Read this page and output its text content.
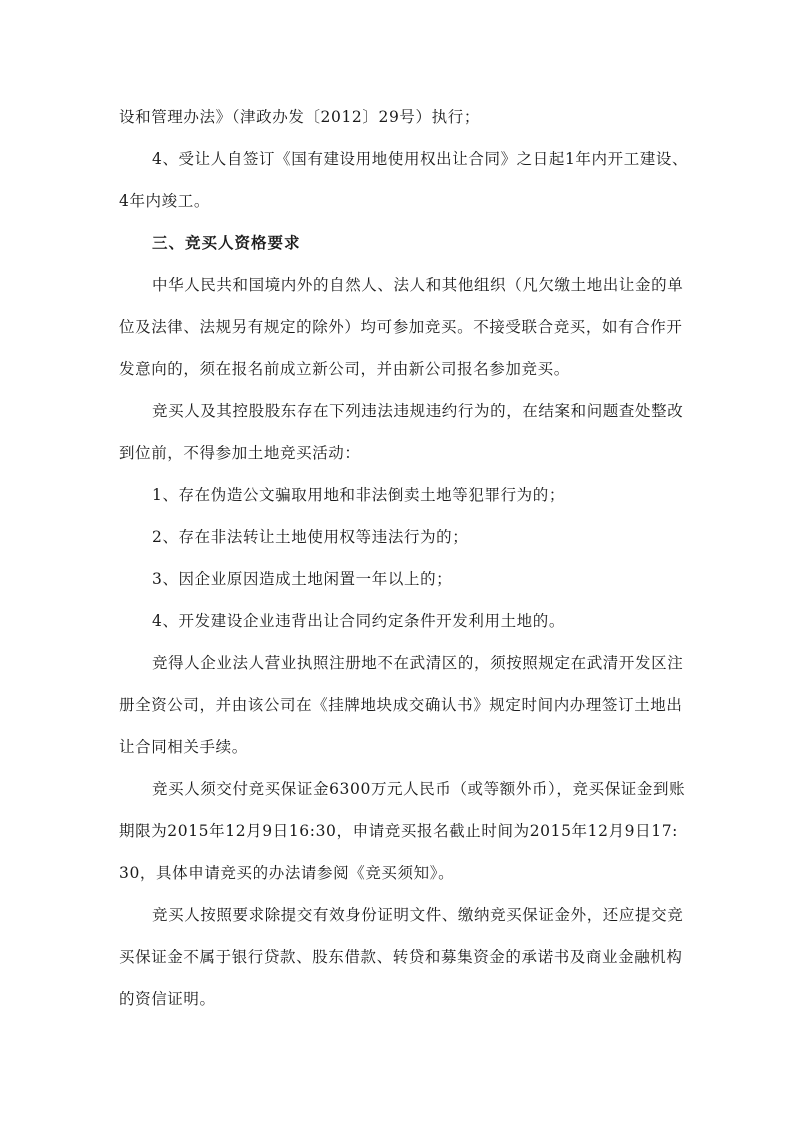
设和管理办法》（津政办发〔2012〕29号）执行；
4、受让人自签订《国有建设用地使用权出让合同》之日起1年内开工建设、
4年内竣工。
三、竞买人资格要求
中华人民共和国境内外的自然人、法人和其他组织（凡欠缴土地出让金的单
位及法律、法规另有规定的除外）均可参加竞买。不接受联合竞买，如有合作开
发意向的，须在报名前成立新公司，并由新公司报名参加竞买。
竞买人及其控股股东存在下列违法违规违约行为的，在结案和问题查处整改
到位前，不得参加土地竞买活动：
1、存在伪造公文骗取用地和非法倒卖土地等犯罪行为的；
2、存在非法转让土地使用权等违法行为的；
3、因企业原因造成土地闲置一年以上的；
4、开发建设企业违背出让合同约定条件开发利用土地的。
竞得人企业法人营业执照注册地不在武清区的，须按照规定在武清开发区注
册全资公司，并由该公司在《挂牌地块成交确认书》规定时间内办理签订土地出
让合同相关手续。
竞买人须交付竞买保证金6300万元人民币（或等额外币），竞买保证金到账
期限为2015年12月9日16:30，申请竞买报名截止时间为2015年12月9日17:
30，具体申请竞买的办法请参阅《竞买须知》。
竞买人按照要求除提交有效身份证明文件、缴纳竞买保证金外，还应提交竞
买保证金不属于银行贷款、股东借款、转贷和募集资金的承诺书及商业金融机构
的资信证明。
